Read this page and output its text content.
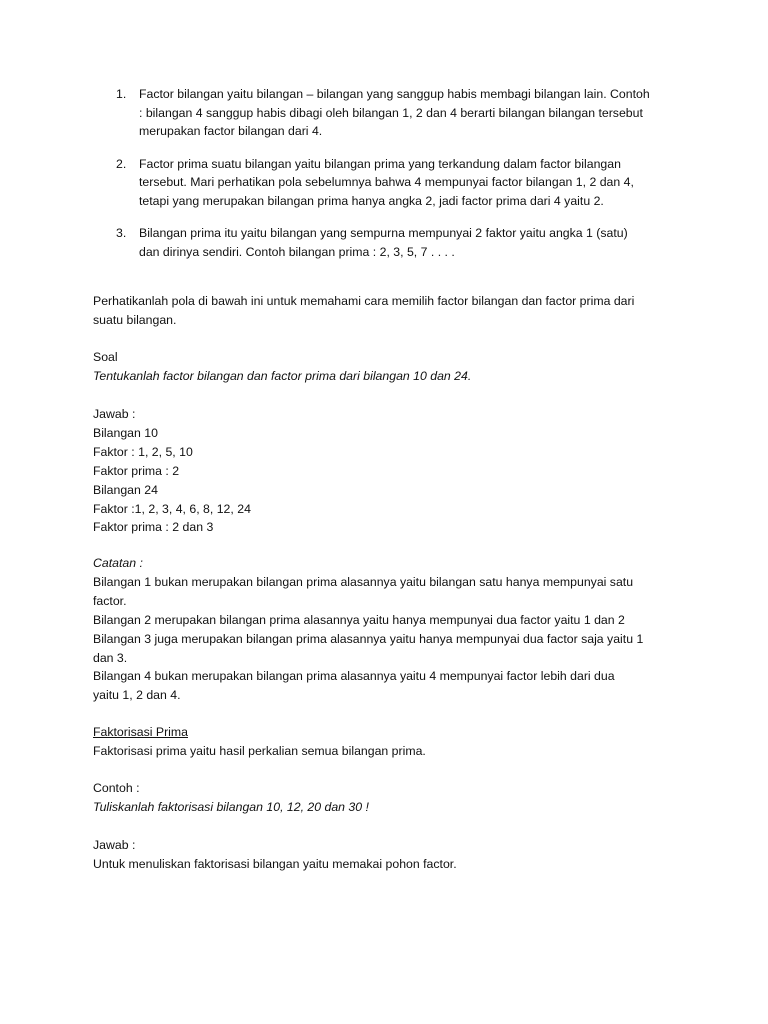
1. Factor bilangan yaitu bilangan – bilangan yang sanggup habis membagi bilangan lain. Contoh
: bilangan 4 sanggup habis dibagi oleh bilangan 1, 2 dan 4 berarti bilangan bilangan tersebut
merupakan factor bilangan dari 4.
2. Factor prima suatu bilangan yaitu bilangan prima yang terkandung dalam factor bilangan
tersebut. Mari perhatikan pola sebelumnya bahwa 4 mempunyai factor bilangan 1, 2 dan 4,
tetapi yang merupakan bilangan prima hanya angka 2, jadi factor prima dari 4 yaitu 2.
3. Bilangan prima itu yaitu bilangan yang sempurna mempunyai 2 faktor yaitu angka 1 (satu)
dan dirinya sendiri. Contoh bilangan prima : 2, 3, 5, 7 . . . .
Perhatikanlah pola di bawah ini untuk memahami cara memilih factor bilangan dan factor prima dari
suatu bilangan.
Soal
Tentukanlah factor bilangan dan factor prima dari bilangan 10 dan 24.
Jawab :
Bilangan 10
Faktor : 1, 2, 5, 10
Faktor prima : 2
Bilangan 24
Faktor :1, 2, 3, 4, 6, 8, 12, 24
Faktor prima : 2 dan 3
Catatan :
Bilangan 1 bukan merupakan bilangan prima alasannya yaitu bilangan satu hanya mempunyai satu
factor.
Bilangan 2 merupakan bilangan prima alasannya yaitu hanya mempunyai dua factor yaitu 1 dan 2
Bilangan 3 juga merupakan bilangan prima alasannya yaitu hanya mempunyai dua factor saja yaitu 1
dan 3.
Bilangan 4 bukan merupakan bilangan prima alasannya yaitu 4 mempunyai factor lebih dari dua
yaitu 1, 2 dan 4.
Faktorisasi Prima
Faktorisasi prima yaitu hasil perkalian semua bilangan prima.
Contoh :
Tuliskanlah faktorisasi bilangan 10, 12, 20 dan 30 !
Jawab :
Untuk menuliskan faktorisasi bilangan yaitu memakai pohon factor.
